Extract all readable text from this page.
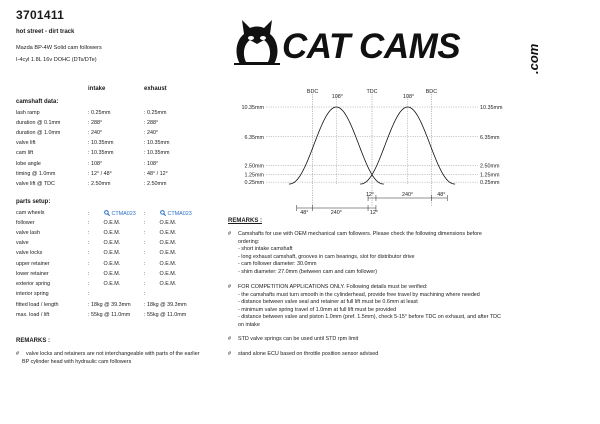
3701411
hot street - dirt track
Mazda BP-4W Solid cam followers
I-4cyl 1.8L 16v DOHC (DTs/DTe)	CAT CAMS	.com
intake	exhaust
camshaft data:
lash ramp	: 0.25mm	: 0.25mm
duration @ 0.1mm	: 288°	: 288°
duration @ 1.0mm	: 240°	: 240°
valve lift	: 10.35mm	: 10.35mm
cam lift	: 10.35mm	: 10.35mm
lobe angle	: 108°	: 108°
timing @ 1.0mm	: 12° / 48°	: 48° / 12°
valve lift @ TDC	: 2.50mm	: 2.50mm
parts setup:
cam wheels	:	CTMA023 :	CTMA023
follower	:	O.E.M.	:	O.E.M.
valve lash	:	O.E.M.	:	O.E.M.
valve	:	O.E.M.	:	O.E.M.
valve locks	:	O.E.M.	:	O.E.M.
upper retainer	:	O.E.M.	:	O.E.M.
lower retainer	:	O.E.M.	:	O.E.M.
exterior spring	:	O.E.M.	:	O.E.M.
interior spring	:	:
fitted load / length	: 18kg @ 39.3mm : 18kg @ 39.3mm
max. load / lift	: 55kg @ 11.0mm	: 55kg @ 11.0mm
REMARKS :
# valve locks and retainers are not interchangeable with parts of the earlier
BP cylinder head with hydraulic cam followers
10.35mm	10.35mm
6.35mm	6.35mm
2.50mm	2.50mm
1.25mm	1.25mm
0.25mm	0.25mm
BDC	TDC	BDC
108°	108°
12°	240°	48°
48°	240°	12°
REMARKS :
# Camshafts for use with OEM mechanical cam followers. Please check the following dimensions before
ordering:
- short intake camshaft
- long exhaust camshaft, grooves in cam bearings, slot for distributor drive
- cam follower diameter: 30.0mm
- shim diameter: 27.0mm (between cam and cam follower)
# FOR COMPETITION APPLICATIONS ONLY. Following details must be verified:
- the camshafts must turn smooth in the cylinderhead, provide free travel by machining where needed
- distance between valve seal and retainer at full lift must be 0.6mm at least
- minimum valve spring travel of 1.0mm at full lift must be provided
- distance between valve and piston 1.0mm (pref. 1.5mm), check 5-15° before TDC on exhaust, and after TDC
on intake
# STD valve springs can be used until STD rpm limit
# stand alone ECU based on throttle position sensor advised
